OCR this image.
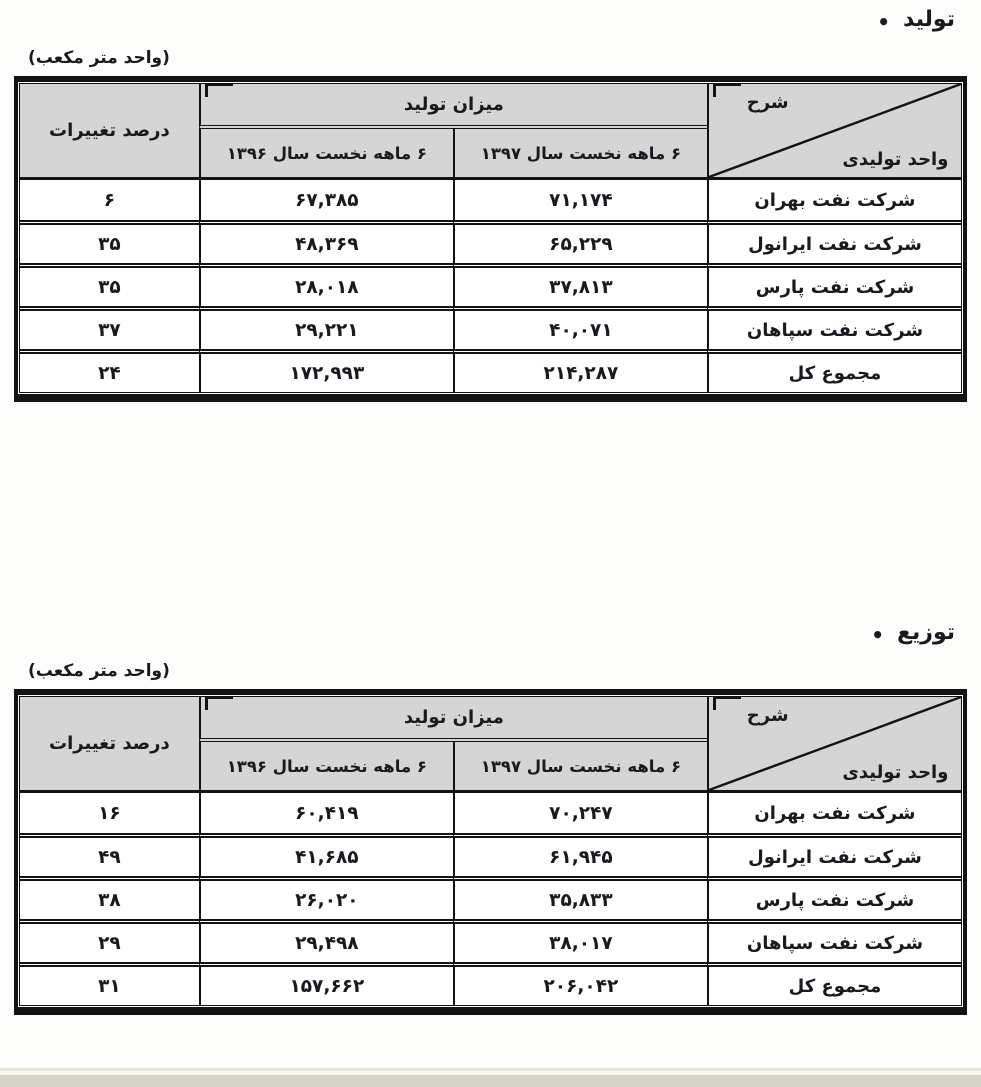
• تولید
(واحد متر مکعب)
شرح
واحد تولیدی	میزان تولید		درصد تغییرات
	۶ ماهه نخست سال ۱۳۹۷	۶ ماهه نخست سال ۱۳۹۶	
شرکت نفت بهران	۷۱,۱۷۴	۶۷,۳۸۵	۶
شرکت نفت ایرانول	۶۵,۲۲۹	۴۸,۳۶۹	۳۵
شرکت نفت پارس	۳۷,۸۱۳	۲۸,۰۱۸	۳۵
شرکت نفت سپاهان	۴۰,۰۷۱	۲۹,۲۲۱	۳۷
مجموع کل	۲۱۴,۲۸۷	۱۷۲,۹۹۳	۲۴
• توزیع
(واحد متر مکعب)
شرح
واحد تولیدی	میزان تولید		درصد تغییرات
	۶ ماهه نخست سال ۱۳۹۷	۶ ماهه نخست سال ۱۳۹۶	
شرکت نفت بهران	۷۰,۲۴۷	۶۰,۴۱۹	۱۶
شرکت نفت ایرانول	۶۱,۹۴۵	۴۱,۶۸۵	۴۹
شرکت نفت پارس	۳۵,۸۳۳	۲۶,۰۲۰	۳۸
شرکت نفت سپاهان	۳۸,۰۱۷	۲۹,۴۹۸	۲۹
مجموع کل	۲۰۶,۰۴۲	۱۵۷,۶۶۲	۳۱
